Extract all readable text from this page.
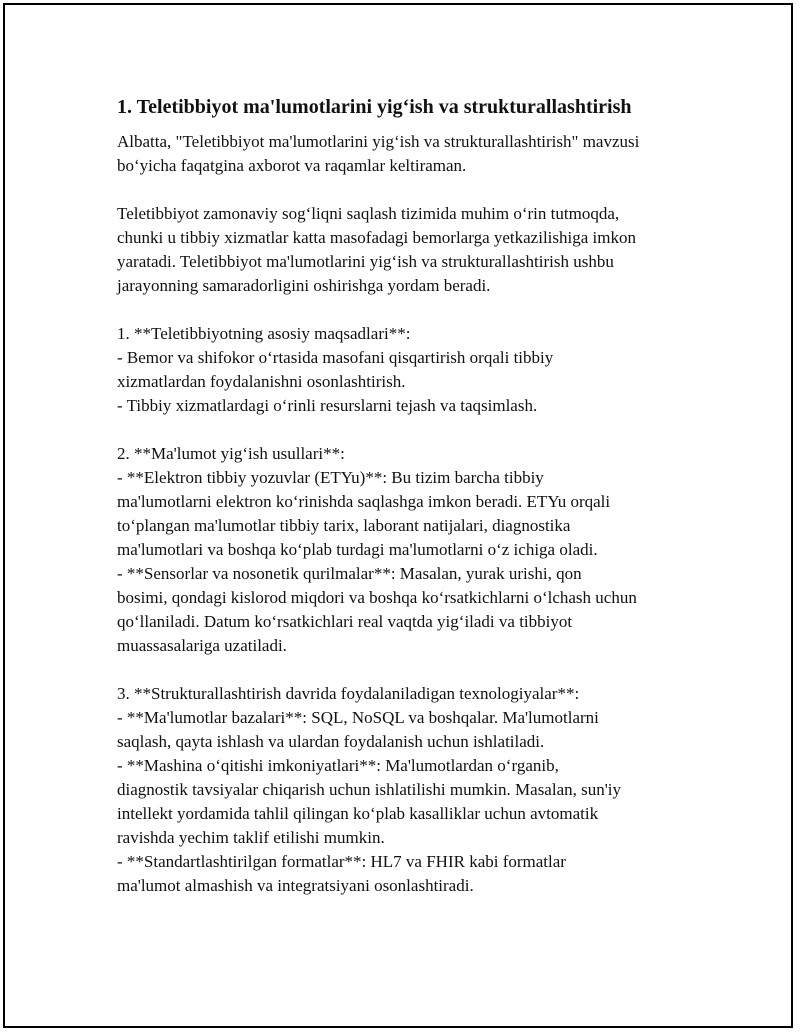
1. Teletibbiyot ma'lumotlarini yig‘ish va strukturallashtirish

Albatta, "Teletibbiyot ma'lumotlarini yig‘ish va strukturallashtirish" mavzusi
bo‘yicha faqatgina axborot va raqamlar keltiraman.

Teletibbiyot zamonaviy sog‘liqni saqlash tizimida muhim o‘rin tutmoqda,
chunki u tibbiy xizmatlar katta masofadagi bemorlarga yetkazilishiga imkon
yaratadi. Teletibbiyot ma'lumotlarini yig‘ish va strukturallashtirish ushbu
jarayonning samaradorligini oshirishga yordam beradi.

1. **Teletibbiyotning asosiy maqsadlari**:
- Bemor va shifokor o‘rtasida masofani qisqartirish orqali tibbiy
xizmatlardan foydalanishni osonlashtirish.
- Tibbiy xizmatlardagi o‘rinli resurslarni tejash va taqsimlash.

2. **Ma'lumot yig‘ish usullari**:
- **Elektron tibbiy yozuvlar (ETYu)**: Bu tizim barcha tibbiy
ma'lumotlarni elektron ko‘rinishda saqlashga imkon beradi. ETYu orqali
to‘plangan ma'lumotlar tibbiy tarix, laborant natijalari, diagnostika
ma'lumotlari va boshqa ko‘plab turdagi ma'lumotlarni o‘z ichiga oladi.
- **Sensorlar va nosonetik qurilmalar**: Masalan, yurak urishi, qon
bosimi, qondagi kislorod miqdori va boshqa ko‘rsatkichlarni o‘lchash uchun
qo‘llaniladi. Datum ko‘rsatkichlari real vaqtda yig‘iladi va tibbiyot
muassasalariga uzatiladi.

3. **Strukturallashtirish davrida foydalaniladigan texnologiyalar**:
- **Ma'lumotlar bazalari**: SQL, NoSQL va boshqalar. Ma'lumotlarni
saqlash, qayta ishlash va ulardan foydalanish uchun ishlatiladi.
- **Mashina o‘qitishi imkoniyatlari**: Ma'lumotlardan o‘rganib,
diagnostik tavsiyalar chiqarish uchun ishlatilishi mumkin. Masalan, sun'iy
intellekt yordamida tahlil qilingan ko‘plab kasalliklar uchun avtomatik
ravishda yechim taklif etilishi mumkin.
- **Standartlashtirilgan formatlar**: HL7 va FHIR kabi formatlar
ma'lumot almashish va integratsiyani osonlashtiradi.
